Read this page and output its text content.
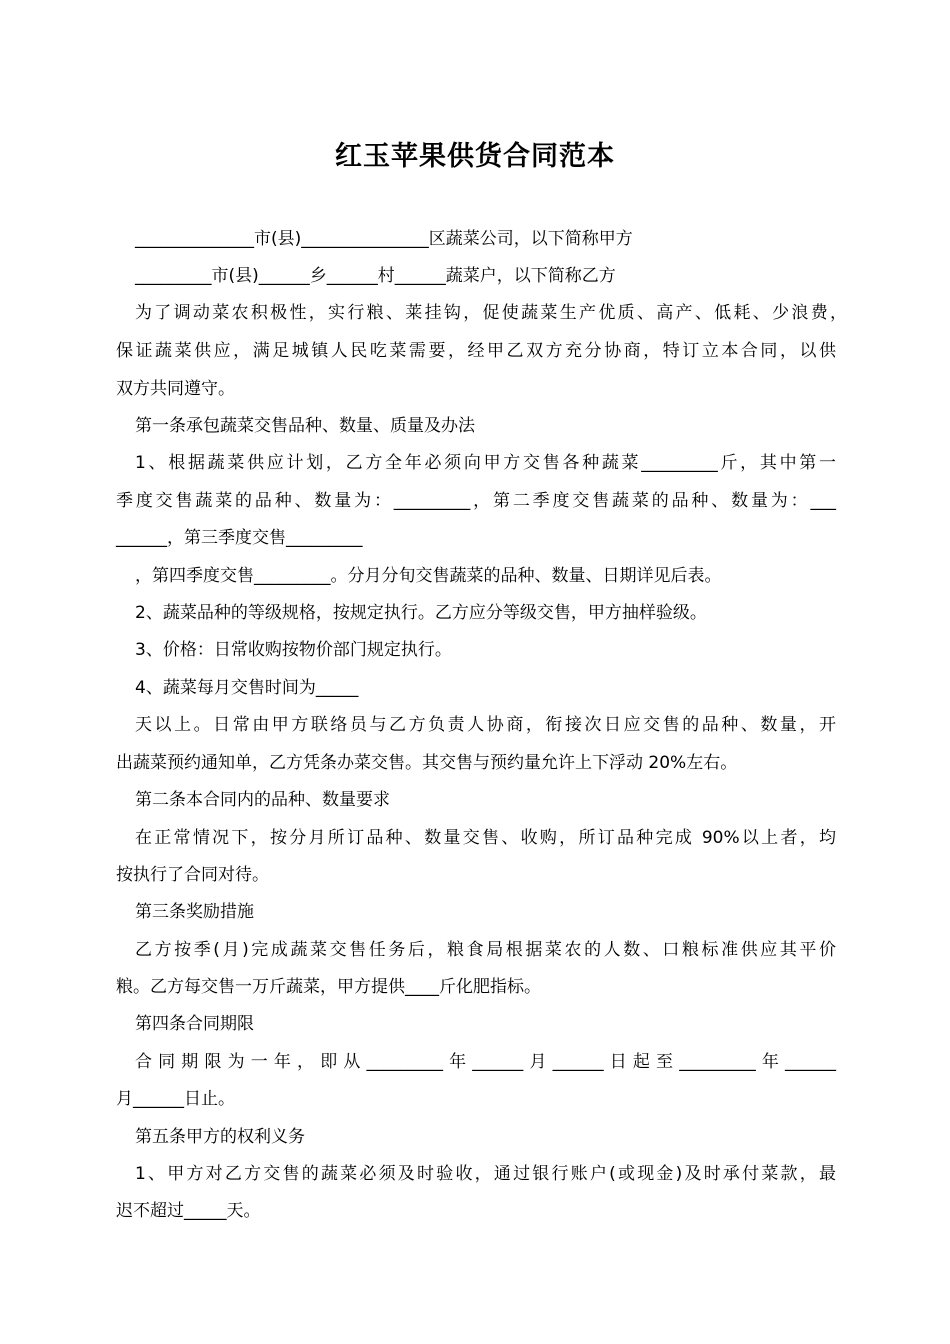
红玉苹果供货合同范本
______________市(县)_______________区蔬菜公司，以下简称甲方
_________市(县)______乡______村______蔬菜户，以下简称乙方
为了调动菜农积极性，实行粮、莱挂钩，促使蔬菜生产优质、高产、低耗、少浪费，
保证蔬菜供应，满足城镇人民吃菜需要，经甲乙双方充分协商，特订立本合同，以供
双方共同遵守。
第一条承包蔬菜交售品种、数量、质量及办法
1、根据蔬菜供应计划，乙方全年必须向甲方交售各种蔬菜_________斤，其中第一
季度交售蔬菜的品种、数量为：_________，第二季度交售蔬菜的品种、数量为：___
______，第三季度交售_________
，第四季度交售_________。分月分旬交售蔬菜的品种、数量、日期详见后表。
2、蔬菜品种的等级规格，按规定执行。乙方应分等级交售，甲方抽样验级。
3、价格：日常收购按物价部门规定执行。
4、蔬菜每月交售时间为_____
天以上。日常由甲方联络员与乙方负责人协商，衔接次日应交售的品种、数量，开
出蔬菜预约通知单，乙方凭条办菜交售。其交售与预约量允许上下浮动 20%左右。
第二条本合同内的品种、数量要求
在正常情况下，按分月所订品种、数量交售、收购，所订品种完成 90%以上者，均
按执行了合同对待。
第三条奖励措施
乙方按季(月)完成蔬菜交售任务后，粮食局根据菜农的人数、口粮标准供应其平价
粮。乙方每交售一万斤蔬菜，甲方提供____斤化肥指标。
第四条合同期限
合同期限为一年，即从_________年______月______日起至_________年______
月______日止。
第五条甲方的权利义务
1、甲方对乙方交售的蔬菜必须及时验收，通过银行账户(或现金)及时承付菜款，最
迟不超过_____天。
